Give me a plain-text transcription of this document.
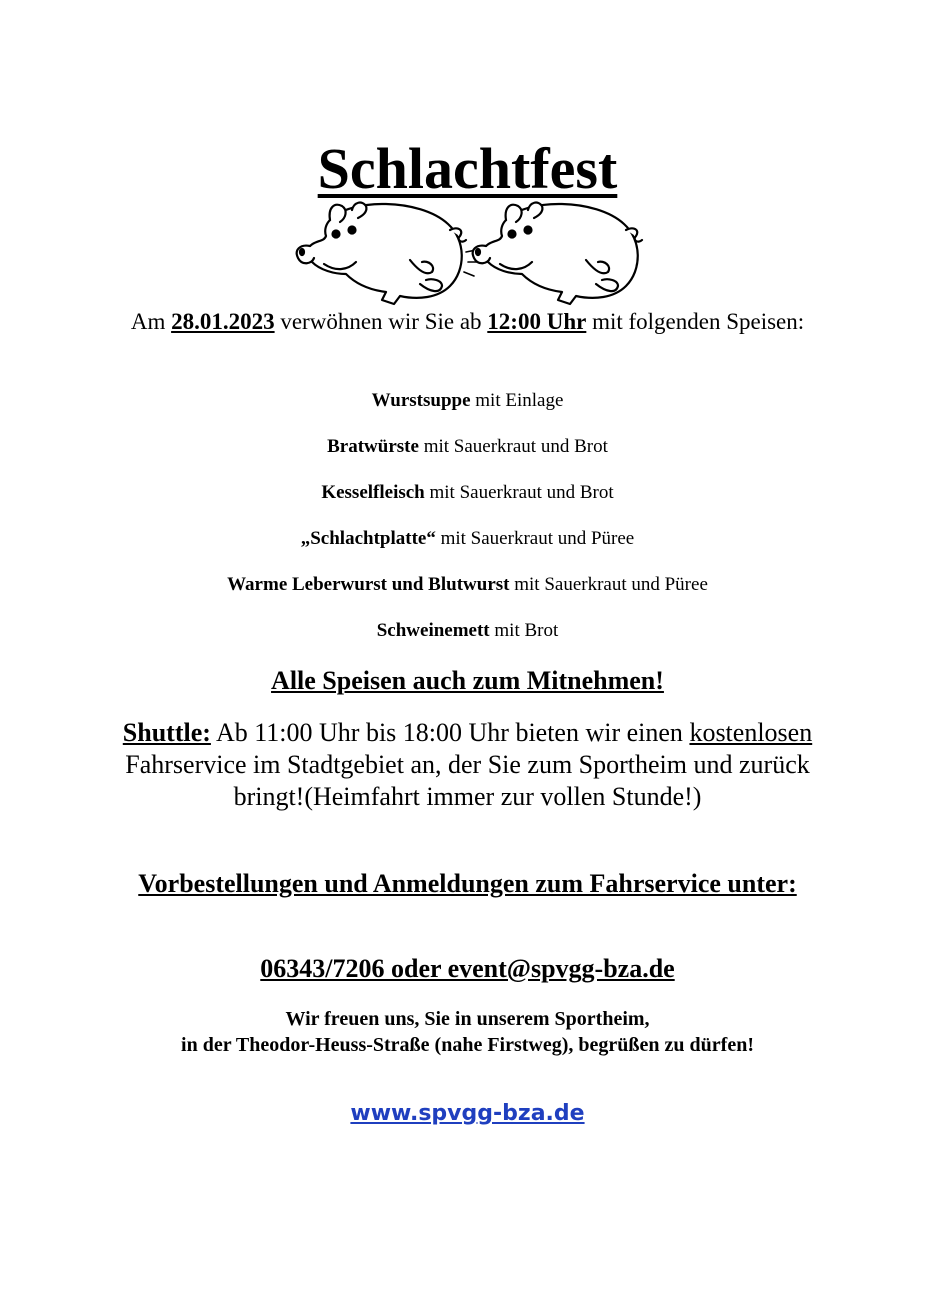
Schlachtfest
Am 28.01.2023 verwöhnen wir Sie ab 12:00 Uhr mit folgenden Speisen:
Wurstsuppe mit Einlage
Bratwürste mit Sauerkraut und Brot
Kesselfleisch mit Sauerkraut und Brot
„Schlachtplatte“ mit Sauerkraut und Püree
Warme Leberwurst und Blutwurst mit Sauerkraut und Püree
Schweinemett mit Brot
Alle Speisen auch zum Mitnehmen!
Shuttle: Ab 11:00 Uhr bis 18:00 Uhr bieten wir einen kostenlosen Fahrservice im Stadtgebiet an, der Sie zum Sportheim und zurück bringt!(Heimfahrt immer zur vollen Stunde!)
Vorbestellungen und Anmeldungen zum Fahrservice unter:
06343/7206 oder event@spvgg-bza.de
Wir freuen uns, Sie in unserem Sportheim,
in der Theodor-Heuss-Straße (nahe Firstweg), begrüßen zu dürfen!
www.spvgg-bza.de
